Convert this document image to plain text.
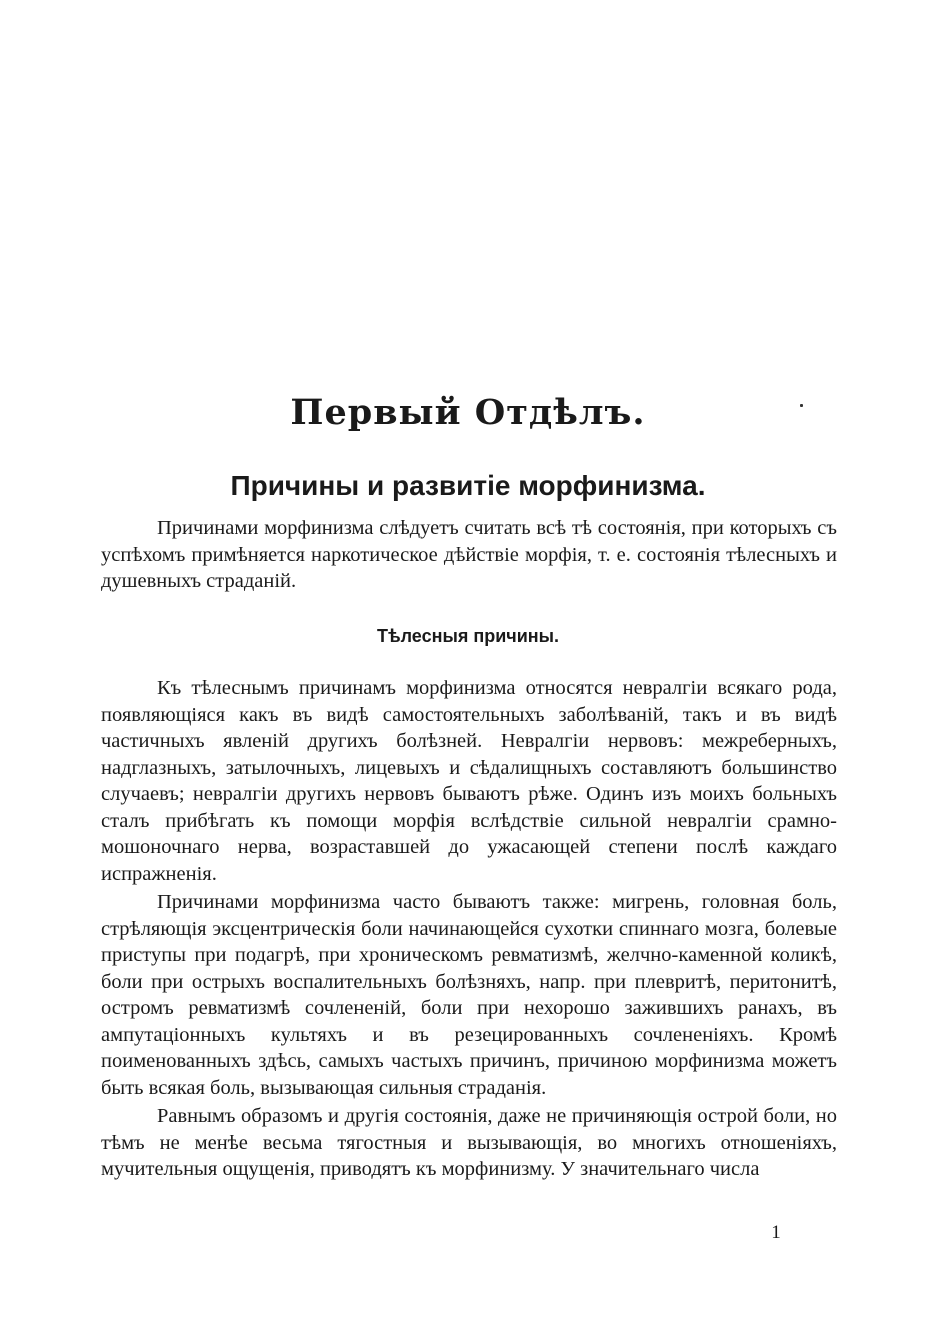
Первый Отдѣлъ.
Причины и развитіе морфинизма.

Причинами морфинизма слѣдуетъ считать всѣ тѣ состоянія, при которыхъ съ успѣхомъ примѣняется наркотическое дѣйствіе морфія, т. е. состоянія тѣлесныхъ и душевныхъ страданій.

Тѣлесныя причины.

Къ тѣлеснымъ причинамъ морфинизма относятся невралгіи всякаго рода, появляющіяся какъ въ видѣ самостоятельныхъ заболѣваній, такъ и въ видѣ частичныхъ явленій другихъ болѣзней. Невралгіи нервовъ: межреберныхъ, надглазныхъ, затылочныхъ, лицевыхъ и сѣдалищныхъ составляютъ большинство случаевъ; невралгіи другихъ нервовъ бываютъ рѣже. Одинъ изъ моихъ больныхъ сталъ прибѣгать къ помощи морфія вслѣдствіе сильной невралгіи срамно-мошоночнаго нерва, возраставшей до ужасающей степени послѣ каждаго испражненія.

Причинами морфинизма часто бываютъ также: мигрень, головная боль, стрѣляющія эксцентрическія боли начинающейся сухотки спиннаго мозга, болевые приступы при подагрѣ, при хроническомъ ревматизмѣ, желчно-каменной коликѣ, боли при острыхъ воспалительныхъ болѣзняхъ, напр. при плевритѣ, перитонитѣ, остромъ ревматизмѣ сочлененій, боли при нехорошо зажившихъ ранахъ, въ ампутаціонныхъ культяхъ и въ резецированныхъ сочлененіяхъ. Кромѣ поименованныхъ здѣсь, самыхъ частыхъ причинъ, причиною морфинизма можетъ быть всякая боль, вызывающая сильныя страданія.

Равнымъ образомъ и другія состоянія, даже не причиняющія острой боли, но тѣмъ не менѣе весьма тягостныя и вызывающія, во многихъ отношеніяхъ, мучительныя ощущенія, приводятъ къ морфинизму. У значительнаго числа

1
